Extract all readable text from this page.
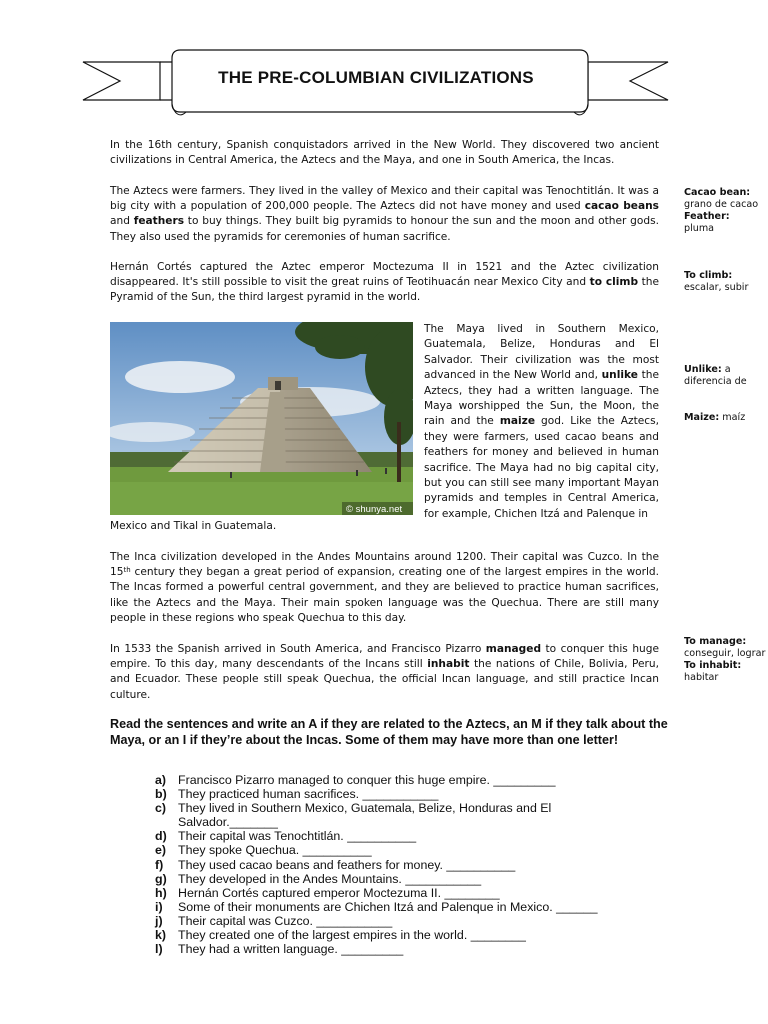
THE PRE-COLUMBIAN CIVILIZATIONS
In the 16th century, Spanish conquistadors arrived in the New World. They discovered two ancient civilizations in Central America, the Aztecs and the Maya, and one in South America, the Incas.
The Aztecs were farmers. They lived in the valley of Mexico and their capital was Tenochtitlán. It was a big city with a population of 200,000 people. The Aztecs did not have money and used cacao beans and feathers to buy things. They built big pyramids to honour the sun and the moon and other gods. They also used the pyramids for ceremonies of human sacrifice.
Hernán Cortés captured the Aztec emperor Moctezuma II in 1521 and the Aztec civilization disappeared. It's still possible to visit the great ruins of Teotihuacán near Mexico City and to climb the Pyramid of the Sun, the third largest pyramid in the world.
© shunya.net
The Maya lived in Southern Mexico, Guatemala, Belize, Honduras and El Salvador. Their civilization was the most advanced in the New World and, unlike the Aztecs, they had a written language. The Maya worshipped the Sun, the Moon, the rain and the maize god. Like the Aztecs, they were farmers, used cacao beans and feathers for money and believed in human sacrifice. The Maya had no big capital city, but you can still see many important Mayan pyramids and temples in Central America, for example, Chichen Itzá and Palenque in
Mexico and Tikal in Guatemala.
The Inca civilization developed in the Andes Mountains around 1200. Their capital was Cuzco. In the 15th century they began a great period of expansion, creating one of the largest empires in the world. The Incas formed a powerful central government, and they are believed to practice human sacrifices, like the Aztecs and the Maya. Their main spoken language was the Quechua. There are still many people in these regions who speak Quechua to this day.
In 1533 the Spanish arrived in South America, and Francisco Pizarro managed to conquer this huge empire. To this day, many descendants of the Incans still inhabit the nations of Chile, Bolivia, Peru, and Ecuador. These people still speak Quechua, the official Incan language, and still practice Incan culture.
Cacao bean:
grano de cacao
Feather:
pluma
To climb:
escalar, subir
Unlike: a diferencia de
Maize: maíz
To manage:
conseguir, lograr
To inhabit:
habitar
Read the sentences and write an A if they are related to the Aztecs, an M if they talk about the Maya, or an I if they’re about the Incas. Some of them may have more than one letter!
a) Francisco Pizarro managed to conquer this huge empire. _________
b) They practiced human sacrifices. ___________
c) They lived in Southern Mexico, Guatemala, Belize, Honduras and El Salvador._______
d) Their capital was Tenochtitlán. __________
e) They spoke Quechua. __________
f) They used cacao beans and feathers for money. __________
g) They developed in the Andes Mountains. ___________
h) Hernán Cortés captured emperor Moctezuma II. ________
i) Some of their monuments are Chichen Itzá and Palenque in Mexico. ______
j) Their capital was Cuzco. ___________
k) They created one of the largest empires in the world. ________
l) They had a written language. _________
